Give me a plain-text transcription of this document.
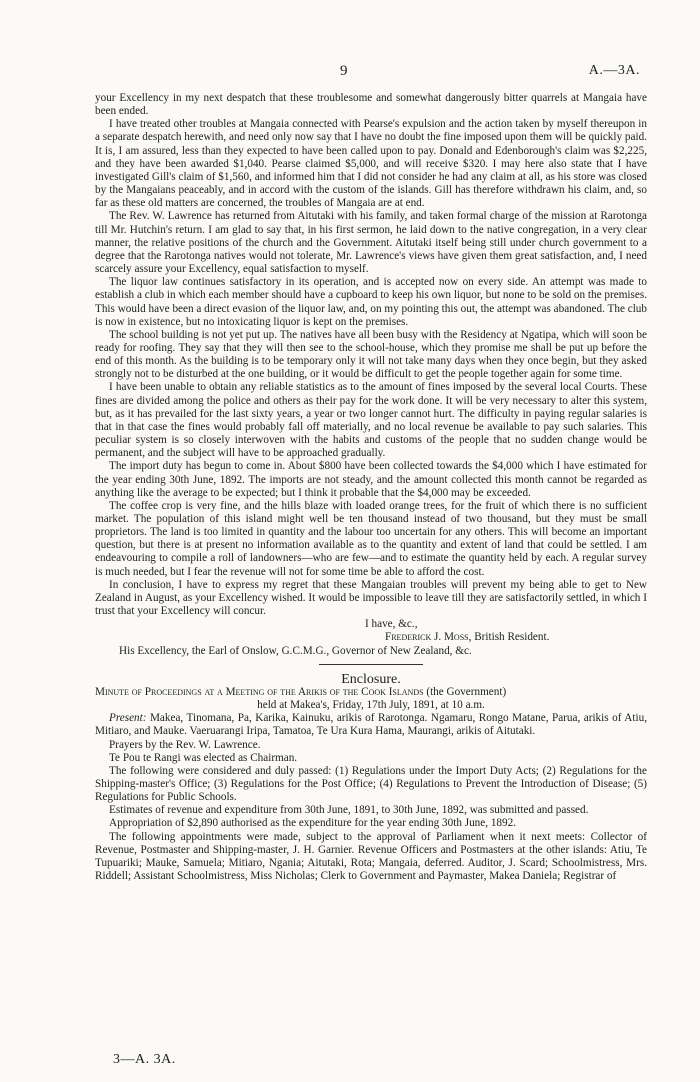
9	A.—3A.

your Excellency in my next despatch that these troublesome and somewhat dangerously bitter quarrels at Mangaia have been ended.

I have treated other troubles at Mangaia connected with Pearse's expulsion and the action taken by myself thereupon in a separate despatch herewith, and need only now say that I have no doubt the fine imposed upon them will be quickly paid. It is, I am assured, less than they expected to have been called upon to pay. Donald and Edenborough's claim was $2,225, and they have been awarded $1,040. Pearse claimed $5,000, and will receive $320. I may here also state that I have investigated Gill's claim of $1,560, and informed him that I did not consider he had any claim at all, as his store was closed by the Mangaians peaceably, and in accord with the custom of the islands. Gill has therefore withdrawn his claim, and, so far as these old matters are concerned, the troubles of Mangaia are at end.

The Rev. W. Lawrence has returned from Aitutaki with his family, and taken formal charge of the mission at Rarotonga till Mr. Hutchin's return. I am glad to say that, in his first sermon, he laid down to the native congregation, in a very clear manner, the relative positions of the church and the Government. Aitutaki itself being still under church government to a degree that the Rarotonga natives would not tolerate, Mr. Lawrence's views have given them great satisfaction, and, I need scarcely assure your Excellency, equal satisfaction to myself.

The liquor law continues satisfactory in its operation, and is accepted now on every side. An attempt was made to establish a club in which each member should have a cupboard to keep his own liquor, but none to be sold on the premises. This would have been a direct evasion of the liquor law, and, on my pointing this out, the attempt was abandoned. The club is now in existence, but no intoxicating liquor is kept on the premises.

The school building is not yet put up. The natives have all been busy with the Residency at Ngatipa, which will soon be ready for roofing. They say that they will then see to the school-house, which they promise me shall be put up before the end of this month. As the building is to be temporary only it will not take many days when they once begin, but they asked strongly not to be disturbed at the one building, or it would be difficult to get the people together again for some time.

I have been unable to obtain any reliable statistics as to the amount of fines imposed by the several local Courts. These fines are divided among the police and others as their pay for the work done. It will be very necessary to alter this system, but, as it has prevailed for the last sixty years, a year or two longer cannot hurt. The difficulty in paying regular salaries is that in that case the fines would probably fall off materially, and no local revenue be available to pay such salaries. This peculiar system is so closely interwoven with the habits and customs of the people that no sudden change would be permanent, and the subject will have to be approached gradually.

The import duty has begun to come in. About $800 have been collected towards the $4,000 which I have estimated for the year ending 30th June, 1892. The imports are not steady, and the amount collected this month cannot be regarded as anything like the average to be expected; but I think it probable that the $4,000 may be exceeded.

The coffee crop is very fine, and the hills blaze with loaded orange trees, for the fruit of which there is no sufficient market. The population of this island might well be ten thousand instead of two thousand, but they must be small proprietors. The land is too limited in quantity and the labour too uncertain for any others. This will become an important question, but there is at present no information available as to the quantity and extent of land that could be settled. I am endeavouring to compile a roll of landowners—who are few—and to estimate the quantity held by each. A regular survey is much needed, but I fear the revenue will not for some time be able to afford the cost.

In conclusion, I have to express my regret that these Mangaian troubles will prevent my being able to get to New Zealand in August, as your Excellency wished. It would be impossible to leave till they are satisfactorily settled, in which I trust that your Excellency will concur.

I have, &c.,
Frederick J. Moss, British Resident.

His Excellency, the Earl of Onslow, G.C.M.G., Governor of New Zealand, &c.

Enclosure.

Minute of Proceedings at a Meeting of the Arikis of the Cook Islands (the Government)

held at Makea's, Friday, 17th July, 1891, at 10 a.m.

Present: Makea, Tinomana, Pa, Karika, Kainuku, arikis of Rarotonga. Ngamaru, Rongo Matane, Parua, arikis of Atiu, Mitiaro, and Mauke. Vaeruarangi Iripa, Tamatoa, Te Ura Kura Hama, Maurangi, arikis of Aitutaki.

Prayers by the Rev. W. Lawrence.

Te Pou te Rangi was elected as Chairman.

The following were considered and duly passed: (1) Regulations under the Import Duty Acts; (2) Regulations for the Shipping-master's Office; (3) Regulations for the Post Office; (4) Regulations to Prevent the Introduction of Disease; (5) Regulations for Public Schools.

Estimates of revenue and expenditure from 30th June, 1891, to 30th June, 1892, was submitted and passed.

Appropriation of $2,890 authorised as the expenditure for the year ending 30th June, 1892.

The following appointments were made, subject to the approval of Parliament when it next meets: Collector of Revenue, Postmaster and Shipping-master, J. H. Garnier. Revenue Officers and Postmasters at the other islands: Atiu, Te Tupuariki; Mauke, Samuela; Mitiaro, Ngania; Aitutaki, Rota; Mangaia, deferred. Auditor, J. Scard; Schoolmistress, Mrs. Riddell; Assistant Schoolmistress, Miss Nicholas; Clerk to Government and Paymaster, Makea Daniela; Registrar of

3—A. 3A.
